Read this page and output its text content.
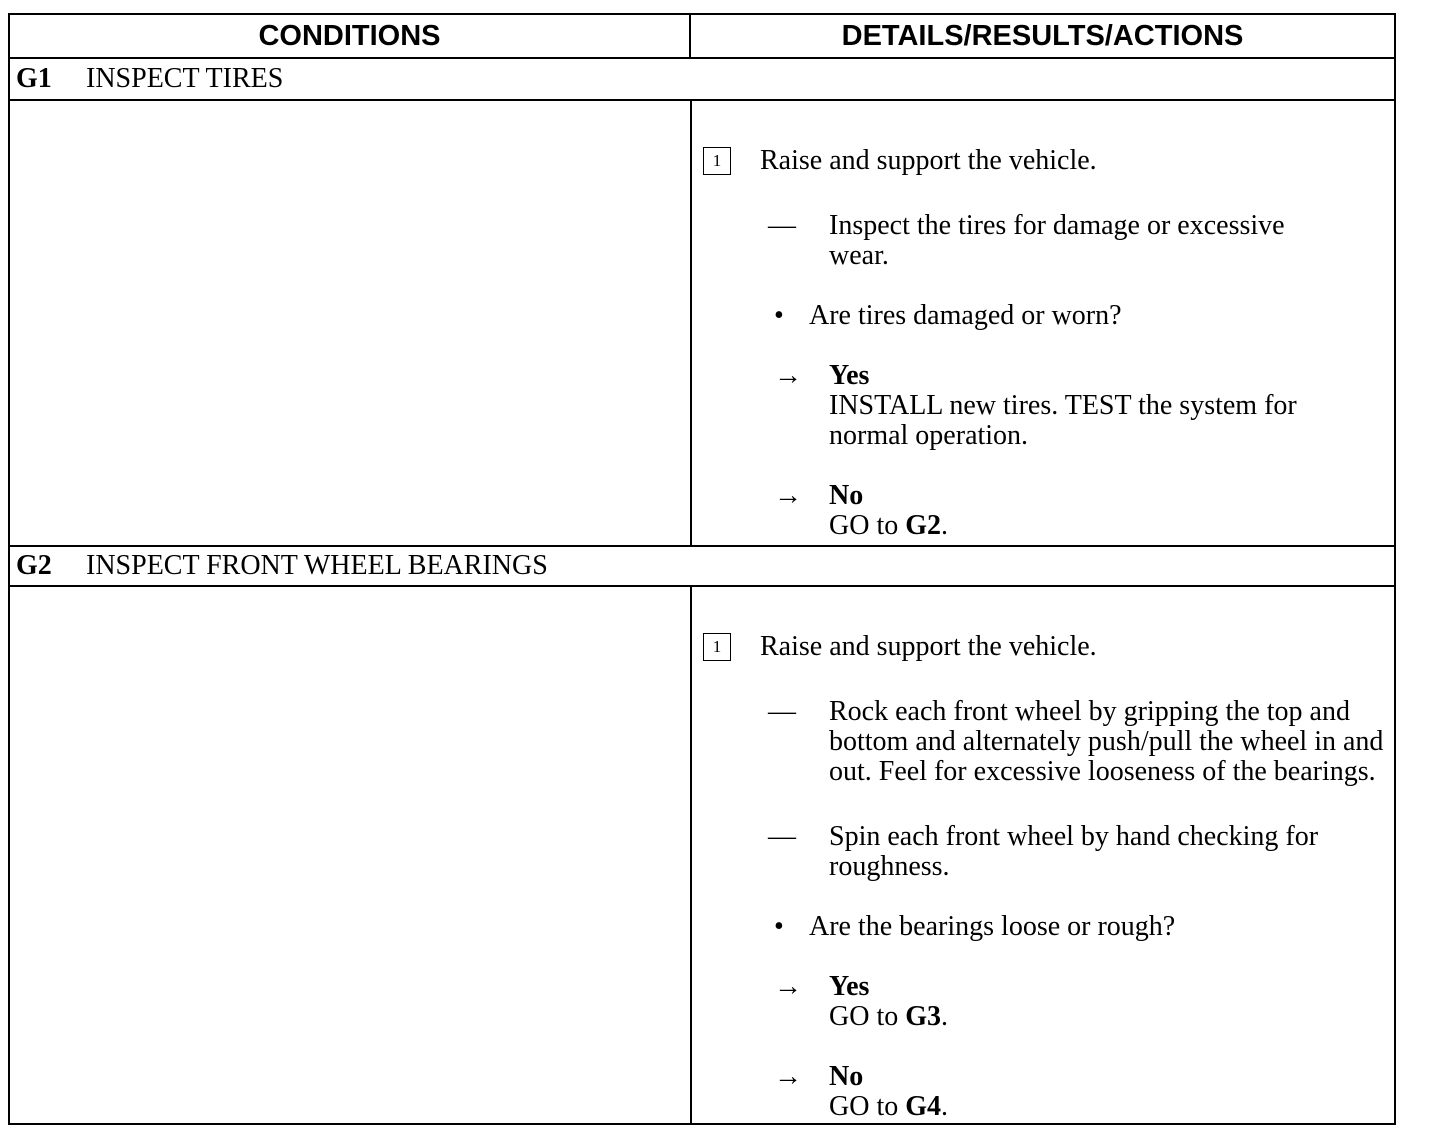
CONDITIONS	DETAILS/RESULTS/ACTIONS
G1	INSPECT TIRES
1	Raise and support the vehicle.
—	Inspect the tires for damage or excessive wear.
• Are tires damaged or worn?
→ Yes
INSTALL new tires. TEST the system for normal operation.
→ No
GO to G2.
G2	INSPECT FRONT WHEEL BEARINGS
1	Raise and support the vehicle.
—	Rock each front wheel by gripping the top and bottom and alternately push/pull the wheel in and out. Feel for excessive looseness of the bearings.
—	Spin each front wheel by hand checking for roughness.
• Are the bearings loose or rough?
→ Yes
GO to G3.
→ No
GO to G4.
